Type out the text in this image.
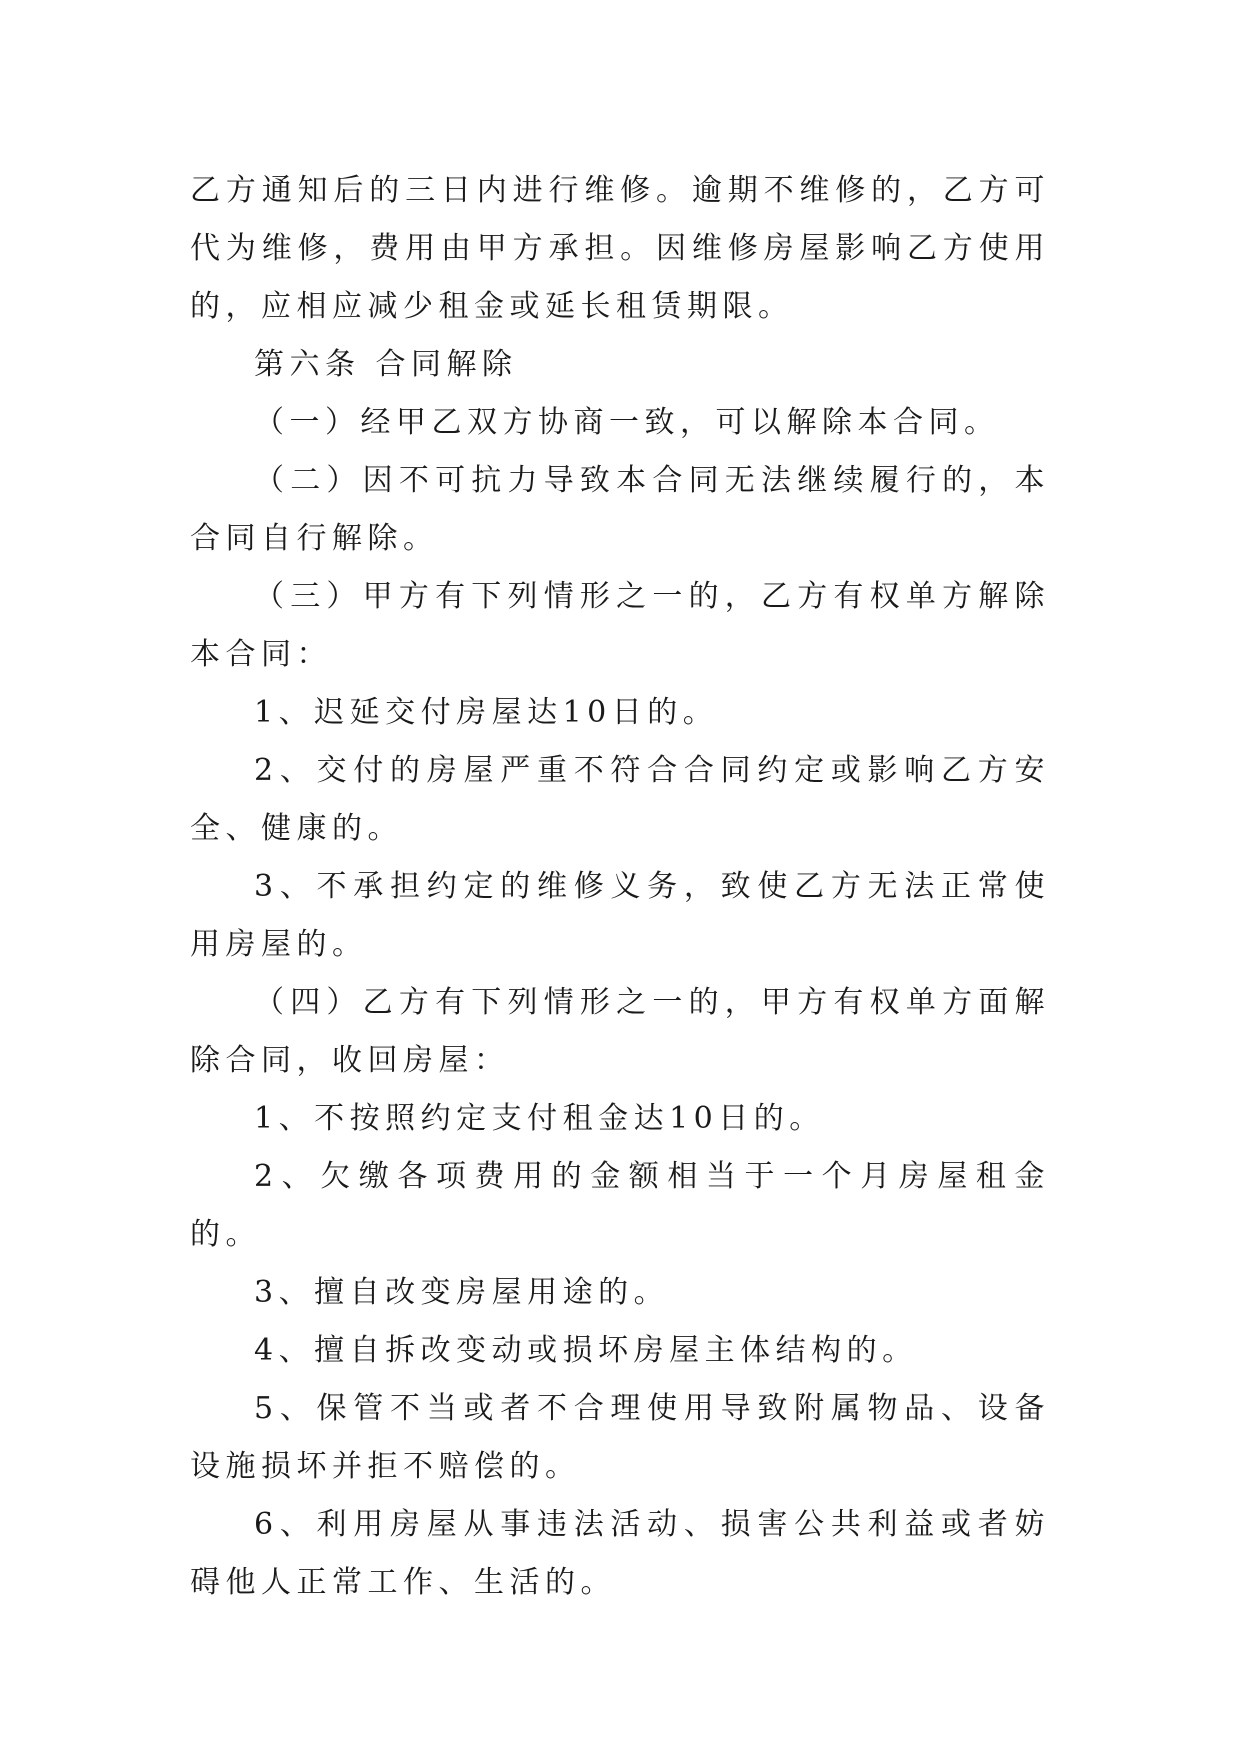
乙方通知后的三日内进行维修。逾期不维修的，乙方可代为维修，费用由甲方承担。因维修房屋影响乙方使用的，应相应减少租金或延长租赁期限。

第六条 合同解除

（一）经甲乙双方协商一致，可以解除本合同。

（二）因不可抗力导致本合同无法继续履行的，本合同自行解除。

（三）甲方有下列情形之一的，乙方有权单方解除本合同：

1、迟延交付房屋达10日的。

2、交付的房屋严重不符合合同约定或影响乙方安全、健康的。

3、不承担约定的维修义务，致使乙方无法正常使用房屋的。

（四）乙方有下列情形之一的，甲方有权单方面解除合同，收回房屋：

1、不按照约定支付租金达10日的。

2、欠缴各项费用的金额相当于一个月房屋租金的。

3、擅自改变房屋用途的。

4、擅自拆改变动或损坏房屋主体结构的。

5、保管不当或者不合理使用导致附属物品、设备设施损坏并拒不赔偿的。

6、利用房屋从事违法活动、损害公共利益或者妨碍他人正常工作、生活的。
